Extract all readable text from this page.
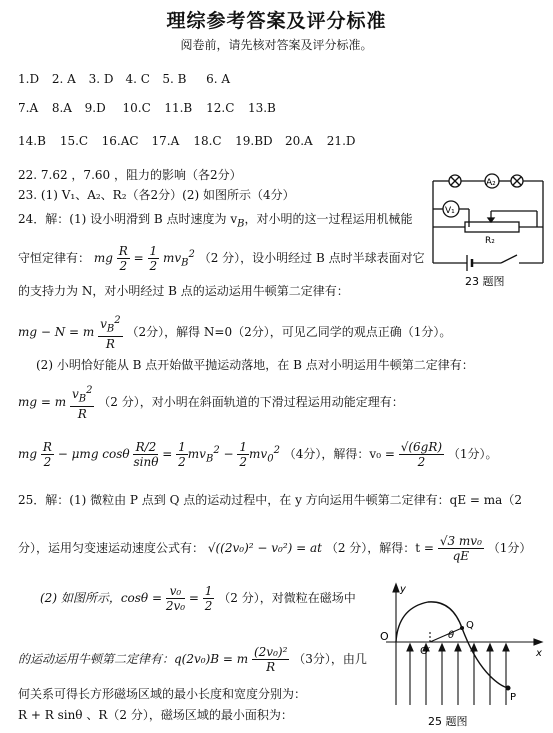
理综参考答案及评分标准
阅卷前，请先核对答案及评分标准。
1.D 2. A 3. D 4. C 5. B 6. A
7.A 8.A 9.D 10.C 11.B 12.C 13.B
14.B 15.C 16.AC 17.A 18.C 19.BD 20.A 21.D
22. 7.62 ，7.60 ，阻力的影响（各2分）
23. (1) V₁、A₂、R₂（各2分）(2) 如图所示（4分）
24．解：(1) 设小明滑到 B 点时速度为 $v_B$，对小明的这一过程运用机械能
守恒定律有： mg $\frac{R}{2} = \frac{1}{2} mv_B^2$ （2 分），设小明经过 B 点时半球表面对它
的支持力为 N，对小明经过 B 点的运动运用牛顿第二定律有：
mg − N = m $\frac{v_B^2}{R} (2$分），解得 N=0（2分），可见乙同学的观点正确（1分）。
(2) 小明恰好能从 B 点开始做平抛运动落地，在 B 点对小明运用牛顿第二定律有：
mg = m $\frac{v_B^2}{R} (2$ 分），对小明在斜面轨道的下滑过程运用动能定理有：
mg $\frac{R}{2} - \mu mg$ cosθ $\frac{R/2}{\sin\theta} = \frac{1}{2} mv_B^2 - \frac{1}{2} mv_0^2$ （4分），解得：$v_0 = \frac{√(6gR)}{2} (1$分）。
25．解：(1) 微粒由 P 点到 Q 点的运动过程中，在 y 方向运用牛顿第二定律有：qE = ma（2
分），运用匀变速运动速度公式有： √((2v₀)² − v₀²) = at （2 分），解得：$t = \frac{\text{√3 mv₀}}{qE} (1$分）
(2) 如图所示，$\cos\theta = \frac{\text{v₀}}{\text{2v₀}} = \frac{1}{2} (2$ 分），对微粒在磁场中
的运动运用牛顿第二定律有：q(2v₀)B = m $\frac{\text{(2v₀)²}}{R} (3$分），由几
何关系可得长方形磁场区域的最小长度和宽度分别为：
R + R sinθ 、R（2 分），磁场区域的最小面积为：
A₂
V₁
R₂
23 题图
y
O
O′
θ
Q
x
P
25 题图
